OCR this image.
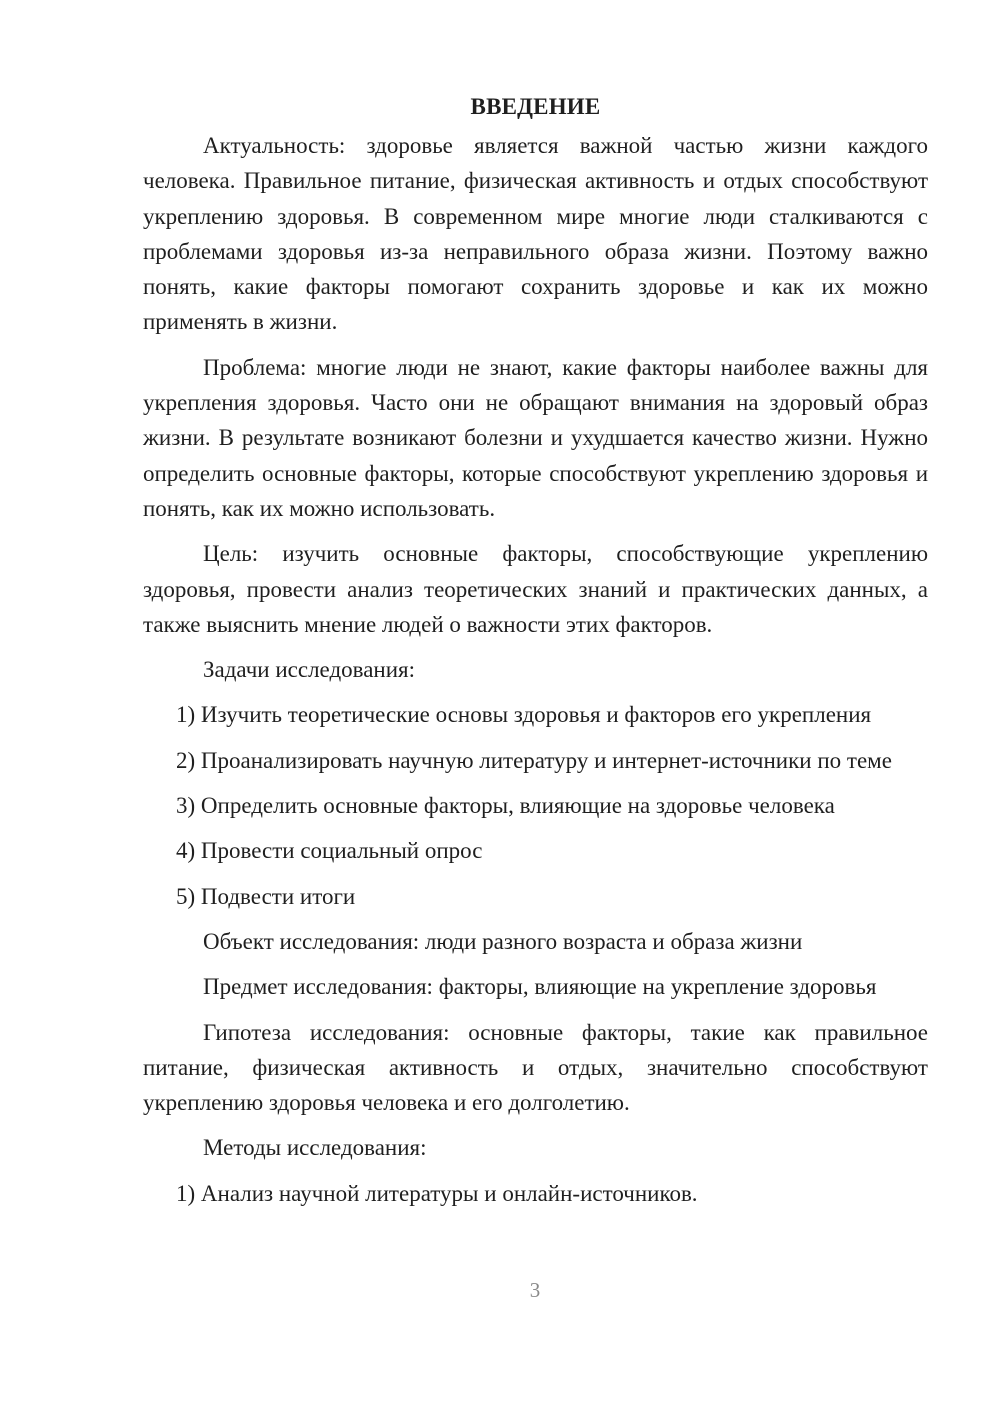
ВВЕДЕНИЕ

Актуальность: здоровье является важной частью жизни каждого человека. Правильное питание, физическая активность и отдых способствуют укреплению здоровья. В современном мире многие люди сталкиваются с проблемами здоровья из-за неправильного образа жизни. Поэтому важно понять, какие факторы помогают сохранить здоровье и как их можно применять в жизни.

Проблема: многие люди не знают, какие факторы наиболее важны для укрепления здоровья. Часто они не обращают внимания на здоровый образ жизни. В результате возникают болезни и ухудшается качество жизни. Нужно определить основные факторы, которые способствуют укреплению здоровья и понять, как их можно использовать.

Цель: изучить основные факторы, способствующие укреплению здоровья, провести анализ теоретических знаний и практических данных, а также выяснить мнение людей о важности этих факторов.

Задачи исследования:

1) Изучить теоретические основы здоровья и факторов его укрепления

2) Проанализировать научную литературу и интернет-источники по теме

3) Определить основные факторы, влияющие на здоровье человека

4) Провести социальный опрос

5) Подвести итоги

Объект исследования: люди разного возраста и образа жизни

Предмет исследования: факторы, влияющие на укрепление здоровья

Гипотеза исследования: основные факторы, такие как правильное питание, физическая активность и отдых, значительно способствуют укреплению здоровья человека и его долголетию.

Методы исследования:

1) Анализ научной литературы и онлайн-источников.

3
